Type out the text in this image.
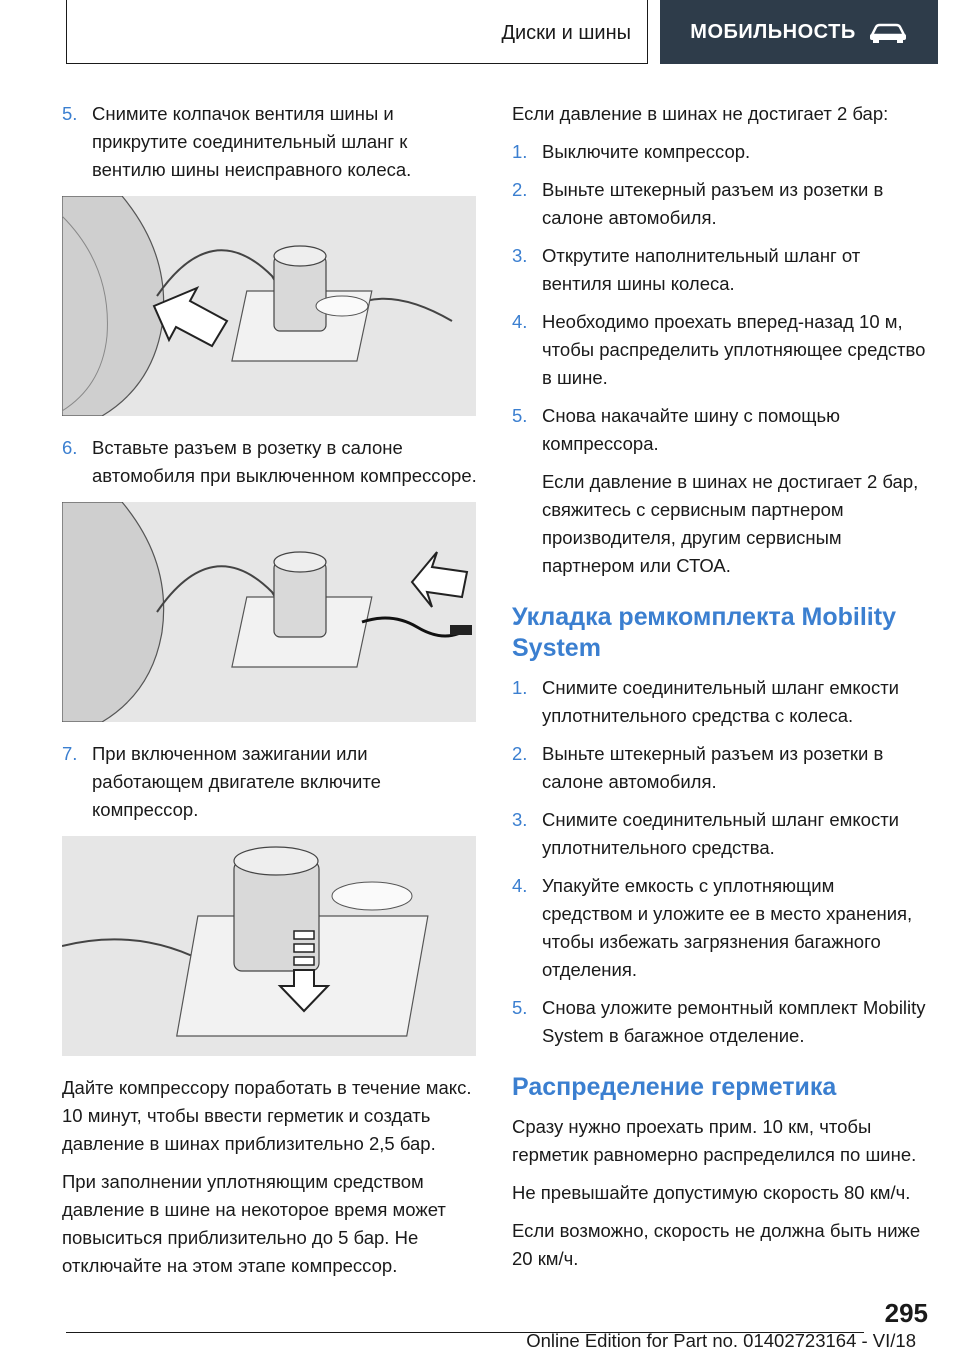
Диски и шины	МОБИЛЬНОСТЬ
5. Снимите колпачок вентиля шины и прикрутите соединительный шланг к вентилю шины неисправного колеса.
6. Вставьте разъем в розетку в салоне автомобиля при выключенном компрессоре.
7. При включенном зажигании или работающем двигателе включите компрессор.

Дайте компрессору поработать в течение макс. 10 минут, чтобы ввести герметик и создать давление в шинах приблизительно 2,5 бар.

При заполнении уплотняющим средством давление в шине на некоторое время может повыситься приблизительно до 5 бар. Не отключайте на этом этапе компрессор.

Если давление в шинах не достигает 2 бар:

1. Выключите компрессор.
2. Выньте штекерный разъем из розетки в салоне автомобиля.
3. Открутите наполнительный шланг от вентиля шины колеса.
4. Необходимо проехать вперед-назад 10 м, чтобы распределить уплотняющее средство в шине.
5. Снова накачайте шину с помощью компрессора.

Если давление в шинах не достигает 2 бар, свяжитесь с сервисным партнером производителя, другим сервисным партнером или СТОА.

Укладка ремкомплекта Mobility System
1. Снимите соединительный шланг емкости уплотнительного средства с колеса.
2. Выньте штекерный разъем из розетки в салоне автомобиля.
3. Снимите соединительный шланг емкости уплотнительного средства.
4. Упакуйте емкость с уплотняющим средством и уложите ее в место хранения, чтобы избежать загрязнения багажного отделения.
5. Снова уложите ремонтный комплект Mobility System в багажное отделение.
Распределение герметика

Сразу нужно проехать прим. 10 км, чтобы герметик равномерно распределился по шине.

Не превышайте допустимую скорость 80 км/ч.

Если возможно, скорость не должна быть ниже 20 км/ч.

295
Online Edition for Part no. 01402723164 - VI/18
